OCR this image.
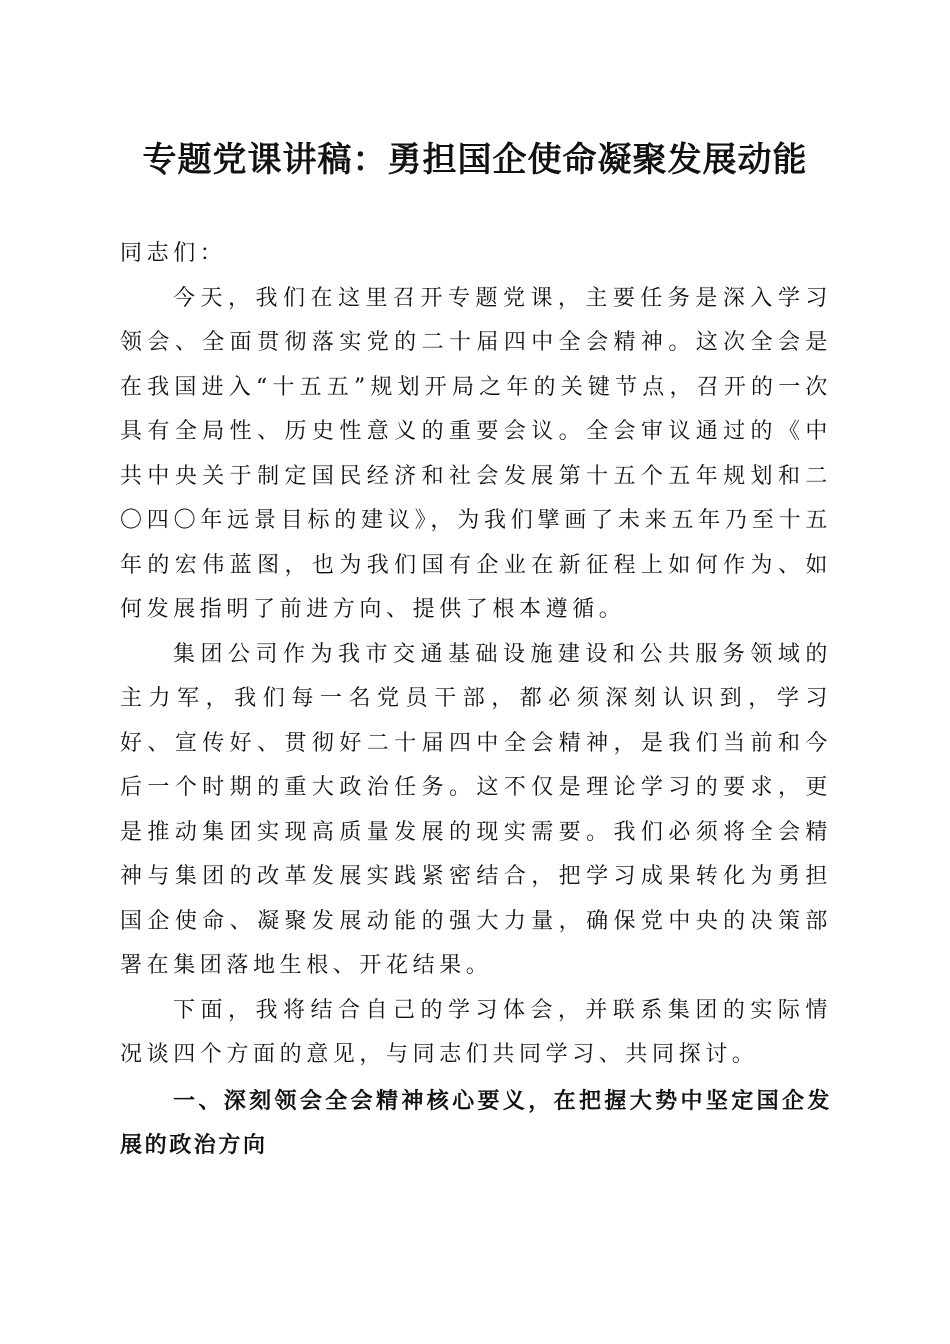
专题党课讲稿：勇担国企使命凝聚发展动能

同志们：

今天，我们在这里召开专题党课，主要任务是深入学习领会、全面贯彻落实党的二十届四中全会精神。这次全会是在我国进入“十五五”规划开局之年的关键节点，召开的一次具有全局性、历史性意义的重要会议。全会审议通过的《中共中央关于制定国民经济和社会发展第十五个五年规划和二〇四〇年远景目标的建议》，为我们擘画了未来五年乃至十五年的宏伟蓝图，也为我们国有企业在新征程上如何作为、如何发展指明了前进方向、提供了根本遵循。

集团公司作为我市交通基础设施建设和公共服务领域的主力军，我们每一名党员干部，都必须深刻认识到，学习好、宣传好、贯彻好二十届四中全会精神，是我们当前和今后一个时期的重大政治任务。这不仅是理论学习的要求，更是推动集团实现高质量发展的现实需要。我们必须将全会精神与集团的改革发展实践紧密结合，把学习成果转化为勇担国企使命、凝聚发展动能的强大力量，确保党中央的决策部署在集团落地生根、开花结果。

下面，我将结合自己的学习体会，并联系集团的实际情况谈四个方面的意见，与同志们共同学习、共同探讨。

一、深刻领会全会精神核心要义，在把握大势中坚定国企发展的政治方向
